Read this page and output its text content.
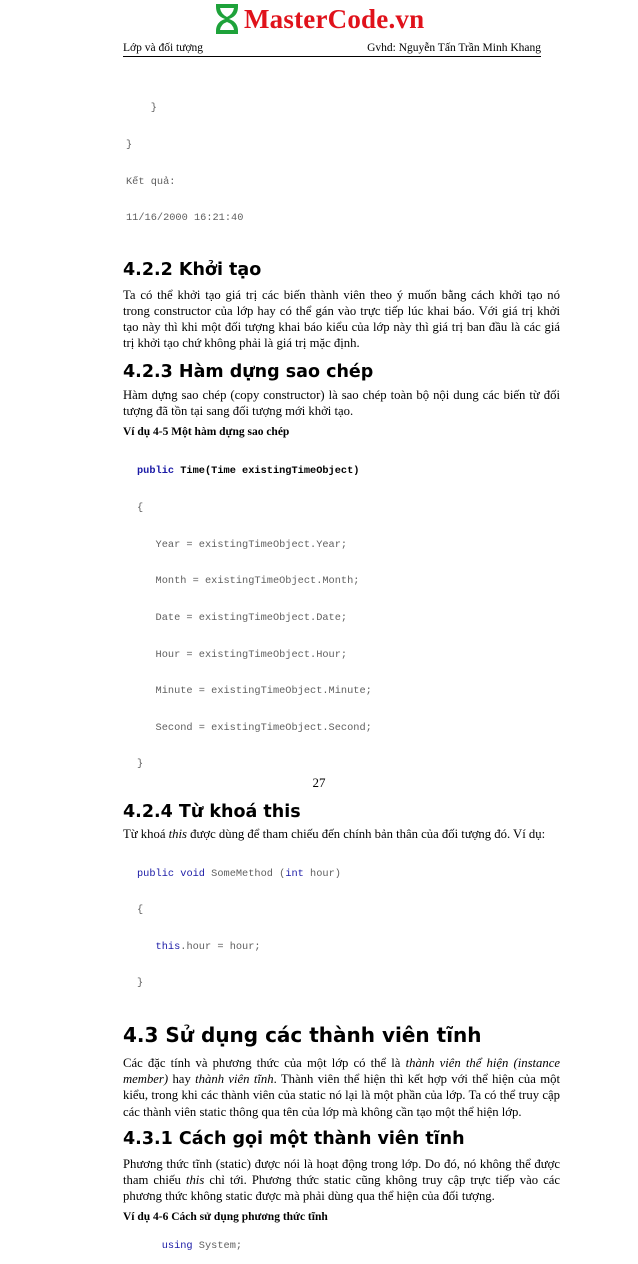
MasterCode.vn
Lớp và đối tượng	Gvhd: Nguyễn Tấn Trần Minh Khang

}

}

Kết quả:

11/16/2000 16:21:40

4.2.2 Khởi tạo

Ta có thể khởi tạo giá trị các biến thành viên theo ý muốn bằng cách khởi tạo nó trong constructor của lớp hay có thể gán vào trực tiếp lúc khai báo. Với giá trị khởi tạo này thì khi một đối tượng khai báo kiểu của lớp này thì giá trị ban đầu là các giá trị khởi tạo chứ không phải là giá trị mặc định.

4.2.3 Hàm dựng sao chép

Hàm dựng sao chép (copy constructor) là sao chép toàn bộ nội dung các biến từ đối tượng đã tồn tại sang đối tượng mới khởi tạo.

Ví dụ 4-5 Một hàm dựng sao chép

public Time(Time existingTimeObject)

{

Year = existingTimeObject.Year;

Month = existingTimeObject.Month;

Date = existingTimeObject.Date;

Hour = existingTimeObject.Hour;

Minute = existingTimeObject.Minute;

Second = existingTimeObject.Second;

}

4.2.4 Từ khoá this

Từ khoá this được dùng để tham chiếu đến chính bản thân của đối tượng đó. Ví dụ:

public void SomeMethod (int hour)

{

this.hour = hour;

}

4.3 Sử dụng các thành viên tĩnh

Các đặc tính và phương thức của một lớp có thể là thành viên thể hiện (instance member) hay thành viên tĩnh. Thành viên thể hiện thì kết hợp với thể hiện của một kiểu, trong khi các thành viên của static nó lại là một phần của lớp. Ta có thể truy cập các thành viên static thông qua tên của lớp mà không cần tạo một thể hiện lớp.

4.3.1 Cách gọi một thành viên tĩnh

Phương thức tĩnh (static) được nói là hoạt động trong lớp. Do đó, nó không thể được tham chiếu this chỉ tới. Phương thức static cũng không truy cập trực tiếp vào các phương thức không static được mà phải dùng qua thể hiện của đối tượng.

Ví dụ 4-6 Cách sử dụng phương thức tĩnh

using System;

27
